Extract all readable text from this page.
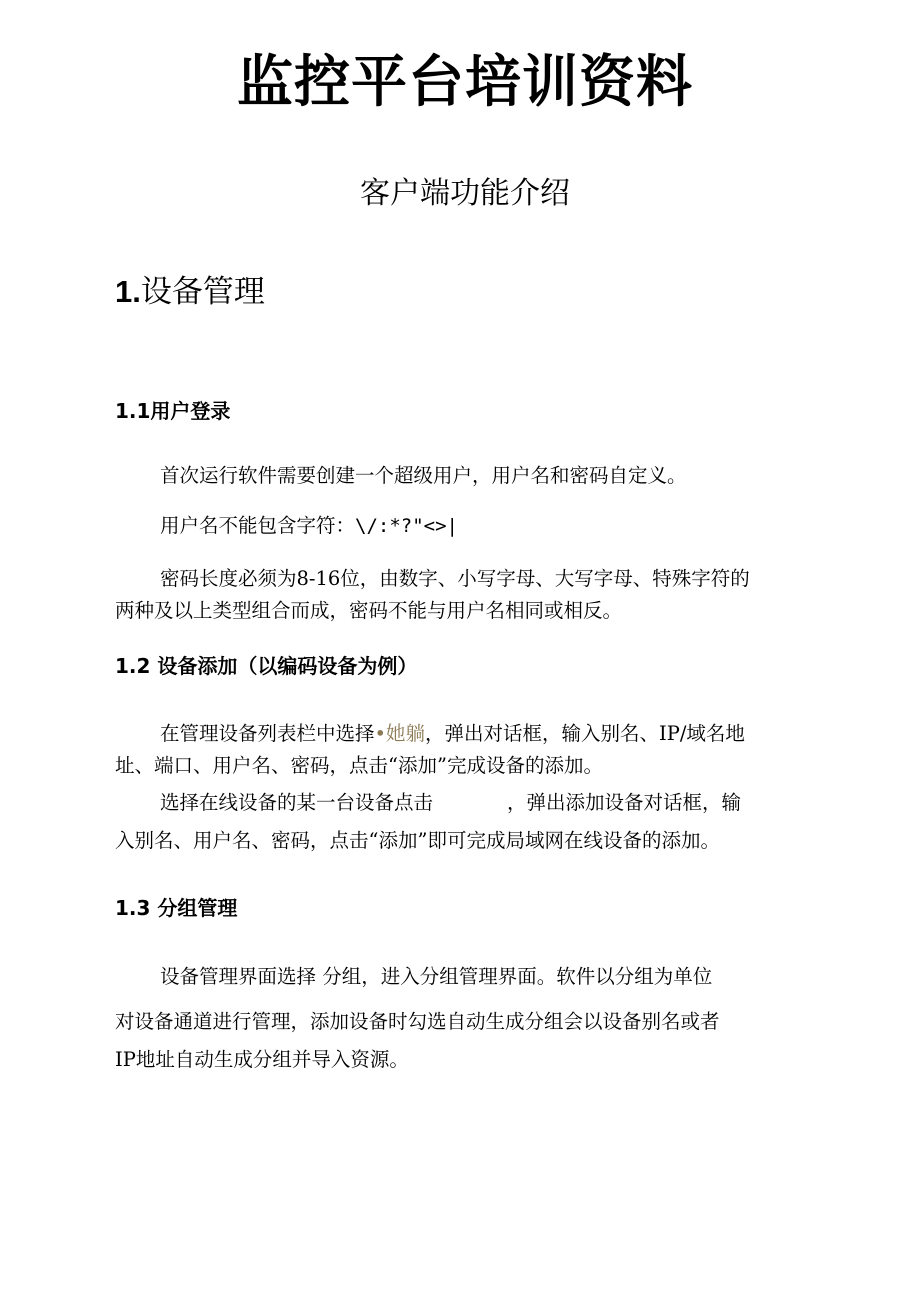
监控平台培训资料
客户端功能介绍
1.设备管理
1.1用户登录
首次运行软件需要创建一个超级用户，用户名和密码自定义。
用户名不能包含字符：\/:*?"<>|
密码长度必须为8-16位，由数字、小写字母、大写字母、特殊字符的
两种及以上类型组合而成，密码不能与用户名相同或相反。
1.2 设备添加（以编码设备为例）
在管理设备列表栏中选择•她躺，弹出对话框，输入别名、IP/域名地
址、端口、用户名、密码，点击“添加”完成设备的添加。
选择在线设备的某一台设备点击	，弹出添加设备对话框，输
入别名、用户名、密码，点击“添加”即可完成局域网在线设备的添加。
1.3 分组管理
设备管理界面选择 分组，进入分组管理界面。软件以分组为单位
对设备通道进行管理，添加设备时勾选自动生成分组会以设备别名或者
IP地址自动生成分组并导入资源。
